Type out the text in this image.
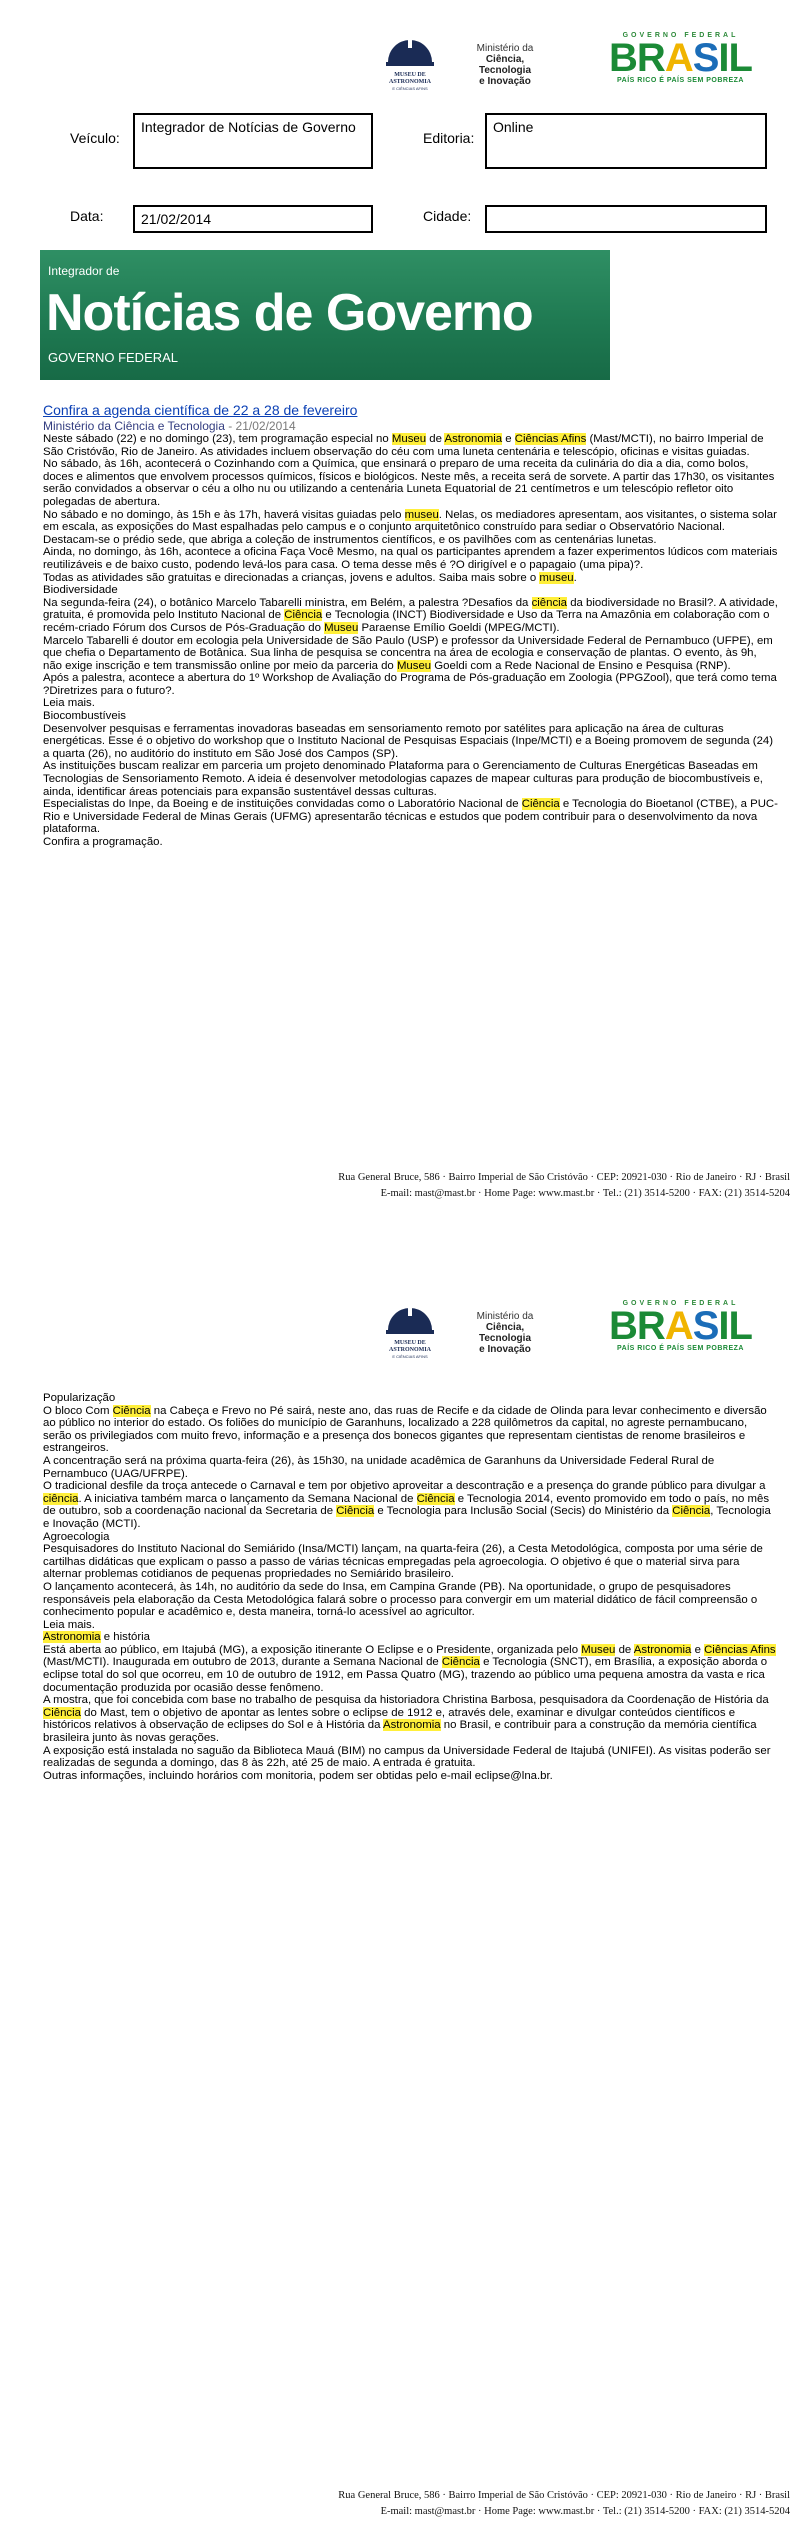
MUSEU DE
ASTRONOMIA
E CIÊNCIAS AFINS
Ministério da
Ciência, Tecnologia
e Inovação
GOVERNO FEDERAL
BRASIL
PAÍS RICO É PAÍS SEM POBREZA
Veículo:
Integrador de Notícias de Governo
Editoria:
Online
Data:	21/02/2014	Cidade:
Integrador de
Notícias de Governo
GOVERNO FEDERAL
Confira a agenda científica de 22 a 28 de fevereiro
Ministério da Ciência e Tecnologia - 21/02/2014

Neste sábado (22) e no domingo (23), tem programação especial no Museu de Astronomia e Ciências Afins (Mast/MCTI), no bairro Imperial de São Cristóvão, Rio de Janeiro. As atividades incluem observação do céu com uma luneta centenária e telescópio, oficinas e visitas guiadas.

No sábado, às 16h, acontecerá o Cozinhando com a Química, que ensinará o preparo de uma receita da culinária do dia a dia, como bolos, doces e alimentos que envolvem processos químicos, físicos e biológicos. Neste mês, a receita será de sorvete. A partir das 17h30, os visitantes serão convidados a observar o céu a olho nu ou utilizando a centenária Luneta Equatorial de 21 centímetros e um telescópio refletor oito polegadas de abertura.

No sábado e no domingo, às 15h e às 17h, haverá visitas guiadas pelo museu. Nelas, os mediadores apresentam, aos visitantes, o sistema solar em escala, as exposições do Mast espalhadas pelo campus e o conjunto arquitetônico construído para sediar o Observatório Nacional. Destacam-se o prédio sede, que abriga a coleção de instrumentos científicos, e os pavilhões com as centenárias lunetas.

Ainda, no domingo, às 16h, acontece a oficina Faça Você Mesmo, na qual os participantes aprendem a fazer experimentos lúdicos com materiais reutilizáveis e de baixo custo, podendo levá-los para casa. O tema desse mês é ?O dirigível e o papagaio (uma pipa)?.

Todas as atividades são gratuitas e direcionadas a crianças, jovens e adultos. Saiba mais sobre o museu.

Biodiversidade

Na segunda-feira (24), o botânico Marcelo Tabarelli ministra, em Belém, a palestra ?Desafios da ciência da biodiversidade no Brasil?. A atividade, gratuita, é promovida pelo Instituto Nacional de Ciência e Tecnologia (INCT) Biodiversidade e Uso da Terra na Amazônia em colaboração com o recém-criado Fórum dos Cursos de Pós-Graduação do Museu Paraense Emílio Goeldi (MPEG/MCTI).

Marcelo Tabarelli é doutor em ecologia pela Universidade de São Paulo (USP) e professor da Universidade Federal de Pernambuco (UFPE), em que chefia o Departamento de Botânica. Sua linha de pesquisa se concentra na área de ecologia e conservação de plantas. O evento, às 9h, não exige inscrição e tem transmissão online por meio da parceria do Museu Goeldi com a Rede Nacional de Ensino e Pesquisa (RNP).

Após a palestra, acontece a abertura do 1º Workshop de Avaliação do Programa de Pós-graduação em Zoologia (PPGZool), que terá como tema ?Diretrizes para o futuro?.

Leia mais.

Biocombustíveis

Desenvolver pesquisas e ferramentas inovadoras baseadas em sensoriamento remoto por satélites para aplicação na área de culturas energéticas. Esse é o objetivo do workshop que o Instituto Nacional de Pesquisas Espaciais (Inpe/MCTI) e a Boeing promovem de segunda (24) a quarta (26), no auditório do instituto em São José dos Campos (SP).

As instituições buscam realizar em parceria um projeto denominado Plataforma para o Gerenciamento de Culturas Energéticas Baseadas em Tecnologias de Sensoriamento Remoto. A ideia é desenvolver metodologias capazes de mapear culturas para produção de biocombustíveis e, ainda, identificar áreas potenciais para expansão sustentável dessas culturas.

Especialistas do Inpe, da Boeing e de instituições convidadas como o Laboratório Nacional de Ciência e Tecnologia do Bioetanol (CTBE), a PUC-Rio e Universidade Federal de Minas Gerais (UFMG) apresentarão técnicas e estudos que podem contribuir para o desenvolvimento da nova plataforma.

Confira a programação.

Rua General Bruce, 586 · Bairro Imperial de São Cristóvão · CEP: 20921-030 · Rio de Janeiro · RJ · Brasil
E-mail: mast@mast.br · Home Page: www.mast.br · Tel.: (21) 3514-5200 · FAX: (21) 3514-5204
MUSEU DE
ASTRONOMIA
E CIÊNCIAS AFINS
Ministério da
Ciência, Tecnologia
e Inovação
GOVERNO FEDERAL
BRASIL
PAÍS RICO É PAÍS SEM POBREZA

Popularização

O bloco Com Ciência na Cabeça e Frevo no Pé sairá, neste ano, das ruas de Recife e da cidade de Olinda para levar conhecimento e diversão ao público no interior do estado. Os foliões do município de Garanhuns, localizado a 228 quilômetros da capital, no agreste pernambucano, serão os privilegiados com muito frevo, informação e a presença dos bonecos gigantes que representam cientistas de renome brasileiros e estrangeiros.

A concentração será na próxima quarta-feira (26), às 15h30, na unidade acadêmica de Garanhuns da Universidade Federal Rural de Pernambuco (UAG/UFRPE).

O tradicional desfile da troça antecede o Carnaval e tem por objetivo aproveitar a descontração e a presença do grande público para divulgar a ciência. A iniciativa também marca o lançamento da Semana Nacional de Ciência e Tecnologia 2014, evento promovido em todo o país, no mês de outubro, sob a coordenação nacional da Secretaria de Ciência e Tecnologia para Inclusão Social (Secis) do Ministério da Ciência, Tecnologia e Inovação (MCTI).

Agroecologia

Pesquisadores do Instituto Nacional do Semiárido (Insa/MCTI) lançam, na quarta-feira (26), a Cesta Metodológica, composta por uma série de cartilhas didáticas que explicam o passo a passo de várias técnicas empregadas pela agroecologia. O objetivo é que o material sirva para alternar problemas cotidianos de pequenas propriedades no Semiárido brasileiro.

O lançamento acontecerá, às 14h, no auditório da sede do Insa, em Campina Grande (PB). Na oportunidade, o grupo de pesquisadores responsáveis pela elaboração da Cesta Metodológica falará sobre o processo para convergir em um material didático de fácil compreensão o conhecimento popular e acadêmico e, desta maneira, torná-lo acessível ao agricultor.

Leia mais.

Astronomia e história

Está aberta ao público, em Itajubá (MG), a exposição itinerante O Eclipse e o Presidente, organizada pelo Museu de Astronomia e Ciências Afins (Mast/MCTI). Inaugurada em outubro de 2013, durante a Semana Nacional de Ciência e Tecnologia (SNCT), em Brasília, a exposição aborda o eclipse total do sol que ocorreu, em 10 de outubro de 1912, em Passa Quatro (MG), trazendo ao público uma pequena amostra da vasta e rica documentação produzida por ocasião desse fenômeno.

A mostra, que foi concebida com base no trabalho de pesquisa da historiadora Christina Barbosa, pesquisadora da Coordenação de História da Ciência do Mast, tem o objetivo de apontar as lentes sobre o eclipse de 1912 e, através dele, examinar e divulgar conteúdos científicos e históricos relativos à observação de eclipses do Sol e à História da Astronomia no Brasil, e contribuir para a construção da memória científica brasileira junto às novas gerações.

A exposição está instalada no saguão da Biblioteca Mauá (BIM) no campus da Universidade Federal de Itajubá (UNIFEI). As visitas poderão ser realizadas de segunda a domingo, das 8 às 22h, até 25 de maio. A entrada é gratuita.

Outras informações, incluindo horários com monitoria, podem ser obtidas pelo e-mail eclipse@lna.br.

Rua General Bruce, 586 · Bairro Imperial de São Cristóvão · CEP: 20921-030 · Rio de Janeiro · RJ · Brasil
E-mail: mast@mast.br · Home Page: www.mast.br · Tel.: (21) 3514-5200 · FAX: (21) 3514-5204
